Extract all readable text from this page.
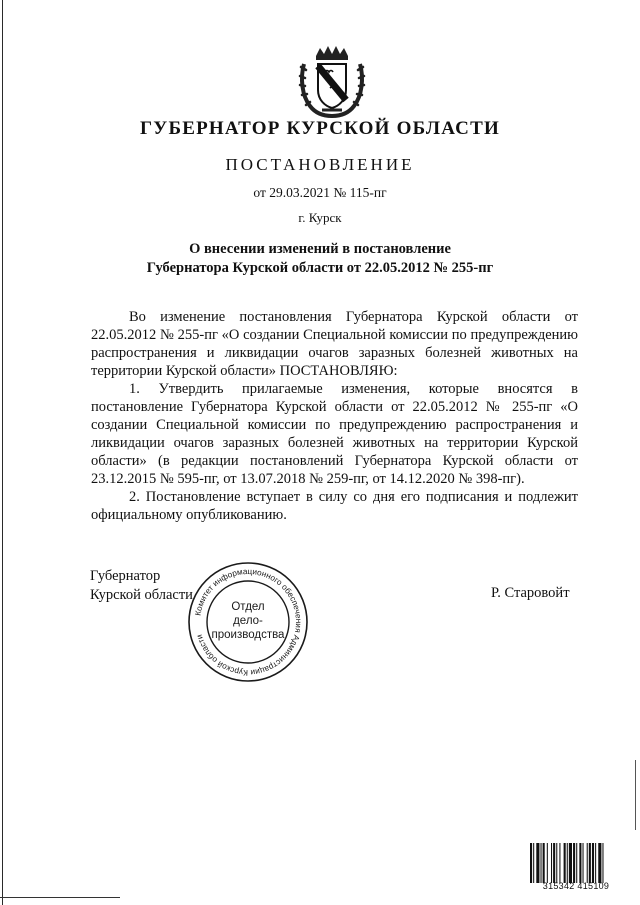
ГУБЕРНАТОР КУРСКОЙ ОБЛАСТИ
ПОСТАНОВЛЕНИЕ
от 29.03.2021 № 115-пг
г. Курск
О внесении изменений в постановление
Губернатора Курской области от 22.05.2012 № 255-пг

Во изменение постановления Губернатора Курской области от 22.05.2012 № 255-пг «О создании Специальной комиссии по предупреждению распространения и ликвидации очагов заразных болезней животных на территории Курской области» ПОСТАНОВЛЯЮ:

1. Утвердить прилагаемые изменения, которые вносятся в постановление Губернатора Курской области от 22.05.2012 № 255-пг «О создании Специальной комиссии по предупреждению распространения и ликвидации очагов заразных болезней животных на территории Курской области» (в редакции постановлений Губернатора Курской области от 23.12.2015 № 595-пг, от 13.07.2018 № 259-пг, от 14.12.2020 № 398-пг).

2. Постановление вступает в силу со дня его подписания и подлежит официальному опубликованию.

Губернатор
Курской области	Р. Старовойт
Комитет информационного обеспечения Администрации Курской области
Отдел
дело-
производства
315342 415109
